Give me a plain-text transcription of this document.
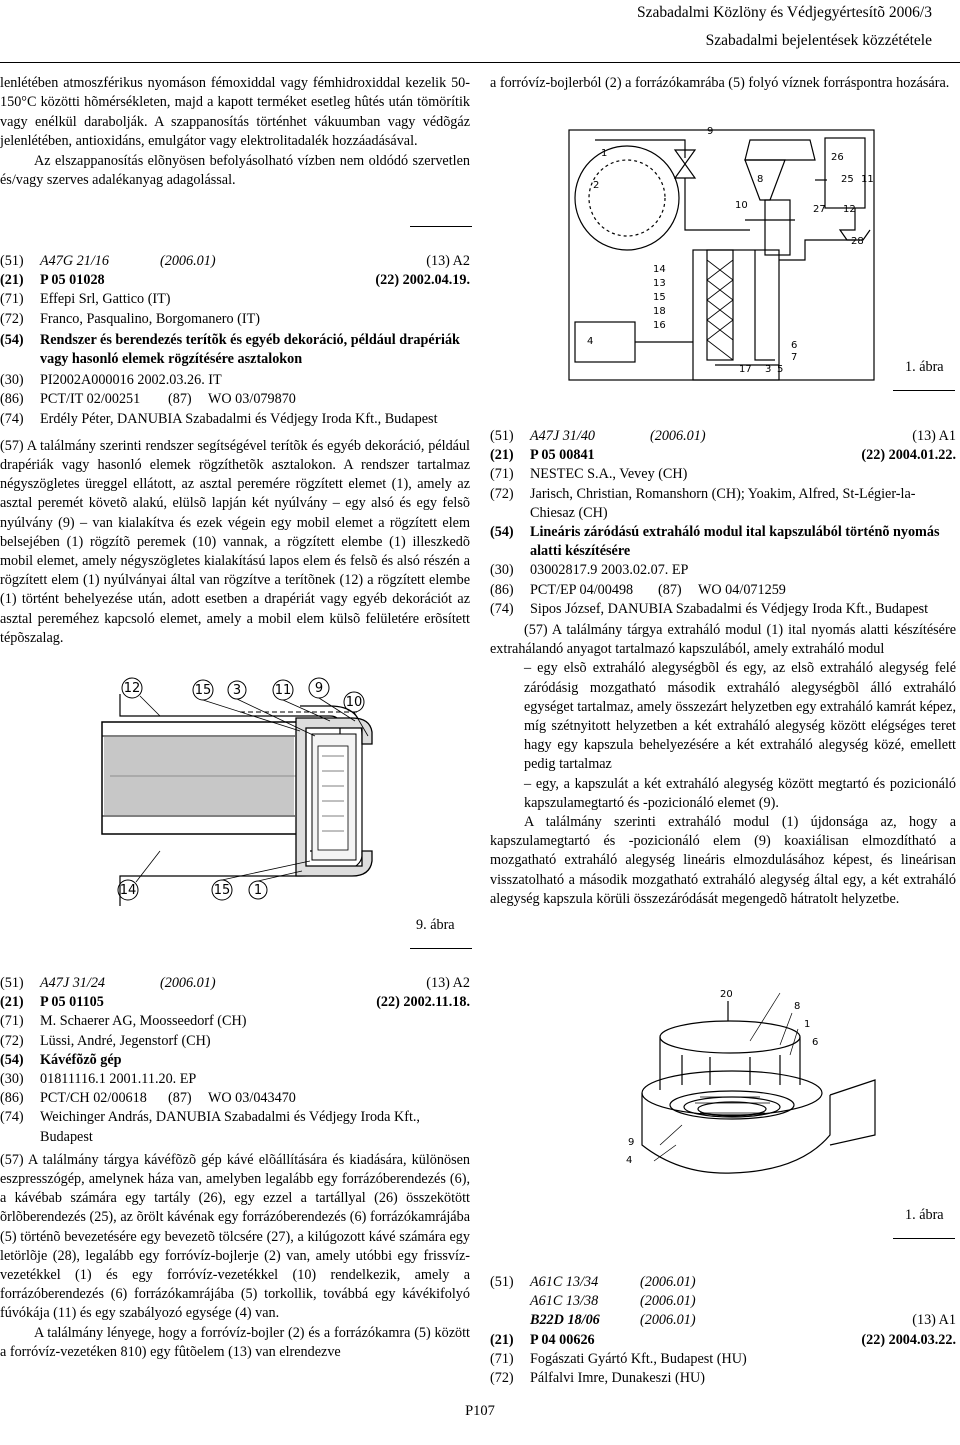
Szabadalmi Közlöny és Védjegyértesítõ 2006/3
Szabadalmi bejelentések közzététele

lenlétében atmoszférikus nyomáson fémoxiddal vagy fémhidroxiddal kezelik 50-150°C közötti hõmérsékleten, majd a kapott terméket esetleg hûtés után tömörítik vagy enélkül darabolják. A szappanosítás történhet vákuumban vagy védõgáz jelenlétében, antioxidáns, emulgátor vagy elektrolitadalék hozzáadásával.

Az elszappanosítás elõnyösen befolyásolható vízben nem oldódó szervetlen és/vagy szerves adalékanyag adagolással.

(51)	A47G 21/16	(2006.01)	(13) A2
(21)	P 05 01028	(22) 2002.04.19.
(71)	Effepi Srl, Gattico (IT)
(72)	Franco, Pasqualino, Borgomanero (IT)
(54)	Rendszer és berendezés terítõk és egyéb dekoráció, például drapériák vagy hasonló elemek rögzítésére asztalokon
(30)	PI2002A000016 2002.03.26. IT
(86)	PCT/IT 02/00251	(87)	WO 03/079870
(74)	Erdély Péter, DANUBIA Szabadalmi és Védjegy Iroda Kft., Budapest

(57) A találmány szerinti rendszer segítségével terítõk és egyéb dekoráció, például drapériák vagy hasonló elemek rögzíthetõk asztalokon. A rendszer tartalmaz négyszögletes üreggel ellátott, az asztal peremére rögzített elemet (1), amely az asztal peremét követõ alakú, elülsõ lapján két nyúlvány – egy alsó és egy felsõ nyúlvány (9) – van kialakítva és ezek végein egy mobil elemet a rögzített elem belsejében (1) rögzítõ peremek (10) vannak, a rögzített elembe (1) illeszkedõ mobil elemet, amely négyszögletes kialakítású lapos elem és felsõ és alsó részén a rögzített elem (1) nyúlványai által van rögzítve a terítõnek (12) a rögzített elembe (1) történt behelyezése után, adott esetben a drapériát vagy egyéb dekorációt az asztal pereméhez kapcsoló elemet, amely a mobil elem külsõ felületére erõsített tépõszalag.

12	15 3	11 9
10
14	15 1
9. ábra
(51)	A47J 31/24	(2006.01)	(13) A2
(21)	P 05 01105	(22) 2002.11.18.
(71)	M. Schaerer AG, Moosseedorf (CH)
(72)	Lüssi, André, Jegenstorf (CH)
(54)	Kávéfõzõ gép
(30)	01811116.1 2001.11.20. EP
(86)	PCT/CH 02/00618	(87)	WO 03/043470
(74)	Weichinger András, DANUBIA Szabadalmi és Védjegy Iroda Kft., Budapest

(57) A találmány tárgya kávéfõzõ gép kávé elõállítására és kiadására, különösen eszpresszógép, amelynek háza van, amelyben legalább egy forrázóberendezés (6), a kávébab számára egy tartály (26), egy ezzel a tartállyal (26) összekötött õrlõberendezés (25), az õrölt kávénak egy forrázóberendezés (6) forrázókamrájába (5) történõ bevezetésére egy bevezetõ tölcsére (27), a kilúgozott kávé számára egy letörlõje (28), legalább egy forróvíz-bojlerje (2) van, amely utóbbi egy frissvíz-vezetékkel (1) és egy forróvíz-vezetékkel (10) rendelkezik, amely a forrázóberendezés (6) forrázókamrájába (5) torkollik, továbbá egy kávékifolyó fúvókája (11) és egy szabályozó egysége (4) van.

A találmány lényege, hogy a forróvíz-bojler (2) és a forrázókamra (5) között a forróvíz-vezetéken 810) egy fûtõelem (13) van elrendezve

a forróvíz-bojlerból (2) a forrázókamrába (5) folyó víznek forráspontra hozására.

9
1
2
8
10
26
25 11
27 12
28
14
13
15
18
16
4	6
7
17 3 5	1. ábra
(51)	A47J 31/40	(2006.01)	(13) A1
(21)	P 05 00841	(22) 2004.01.22.
(71)	NESTEC S.A., Vevey (CH)
(72)	Jarisch, Christian, Romanshorn (CH); Yoakim, Alfred, St-Légier-la-Chiesaz (CH)
(54)	Lineáris záródású extraháló modul ital kapszulából történõ nyomás alatti készítésére
(30)	03002817.9 2003.02.07. EP
(86)	PCT/EP 04/00498	(87)	WO 04/071259
(74)	Sipos József, DANUBIA Szabadalmi és Védjegy Iroda Kft., Budapest

(57) A találmány tárgya extraháló modul (1) ital nyomás alatti készítésére extrahálandó anyagot tartalmazó kapszulából, amely extraháló modul

– egy elsõ extraháló alegységbõl és egy, az elsõ extraháló alegység felé záródásig mozgatható második extraháló alegységbõl álló extraháló egységet tartalmaz, amely összezárt helyzetben egy extraháló kamrát képez, míg szétnyitott helyzetben a két extraháló alegység között elégséges teret hagy egy kapszula behelyezésére a két extraháló alegység közé, emellett pedig tartalmaz

– egy, a kapszulát a két extraháló alegység között megtartó és pozicionáló kapszulamegtartó és -pozicionáló elemet (9).

A találmány szerinti extraháló modul (1) újdonsága az, hogy a kapszulamegtartó és -pozicionáló elem (9) koaxiálisan elmozdítható a mozgatható extraháló alegység lineáris elmozdulásához képest, és lineárisan visszatolható a második mozgatható extraháló alegység által egy, a két extraháló alegység kapszula körüli összezáródását megengedõ hátratolt helyzetbe.

20
8
1
6
9
4
1. ábra
(51)	A61C 13/34	(2006.01)
A61C 13/38	(2006.01)
B22D 18/06	(2006.01)	(13) A1
(21)	P 04 00626	(22) 2004.03.22.
(71)	Fogászati Gyártó Kft., Budapest (HU)
(72)	Pálfalvi Imre, Dunakeszi (HU)
P107
